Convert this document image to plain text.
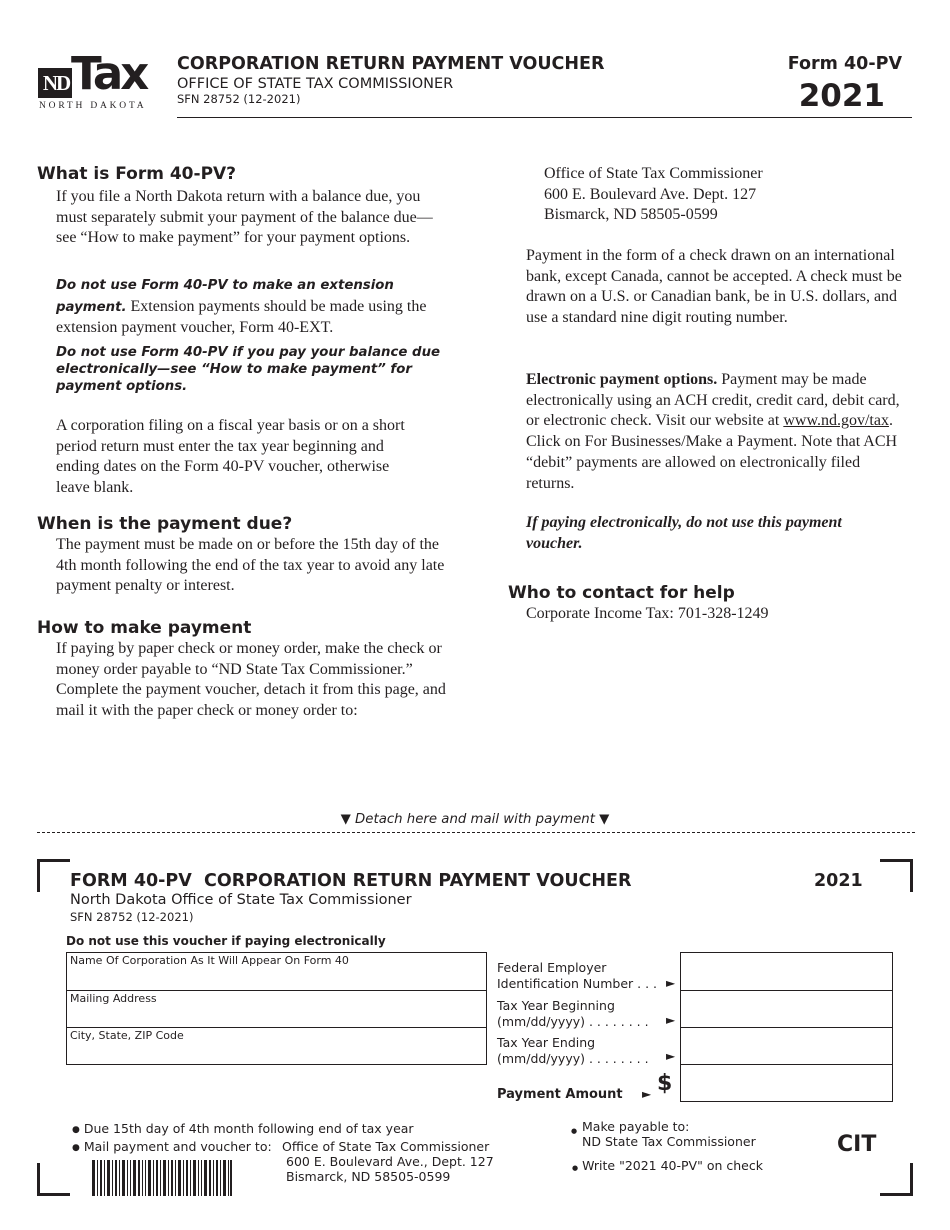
ND Tax
NORTH DAKOTA
CORPORATION RETURN PAYMENT VOUCHER
OFFICE OF STATE TAX COMMISSIONER
SFN 28752 (12-2021)
Form 40-PV
2021
What is Form 40-PV?
If you file a North Dakota return with a balance due, you must separately submit your payment of the balance due—see “How to make payment” for your payment options.
Do not use Form 40-PV to make an extension payment. Extension payments should be made using the extension payment voucher, Form 40-EXT.
Do not use Form 40-PV if you pay your balance due electronically—see “How to make payment” for payment options.
A corporation filing on a fiscal year basis or on a short period return must enter the tax year beginning and ending dates on the Form 40-PV voucher, otherwise leave blank.
When is the payment due?
The payment must be made on or before the 15th day of the 4th month following the end of the tax year to avoid any late payment penalty or interest.
How to make payment
If paying by paper check or money order, make the check or money order payable to “ND State Tax Commissioner.” Complete the payment voucher, detach it from this page, and mail it with the paper check or money order to:
Office of State Tax Commissioner
600 E. Boulevard Ave. Dept. 127
Bismarck, ND 58505-0599
Payment in the form of a check drawn on an international bank, except Canada, cannot be accepted. A check must be drawn on a U.S. or Canadian bank, be in U.S. dollars, and use a standard nine digit routing number.
Electronic payment options. Payment may be made electronically using an ACH credit, credit card, debit card, or electronic check. Visit our website at www.nd.gov/tax. Click on For Businesses/Make a Payment. Note that ACH “debit” payments are allowed on electronically filed returns.
If paying electronically, do not use this payment voucher.
Who to contact for help
Corporate Income Tax: 701-328-1249
▼ Detach here and mail with payment ▼
FORM 40-PV  CORPORATION RETURN PAYMENT VOUCHER	2021
North Dakota Office of State Tax Commissioner
SFN 28752 (12-2021)
Do not use this voucher if paying electronically
Name Of Corporation As It Will Appear On Form 40
Mailing Address
City, State, ZIP Code
Federal Employer
Identification Number . . . ►
Tax Year Beginning
(mm/dd/yyyy) . . . . . . . . ►
Tax Year Ending
(mm/dd/yyyy) . . . . . . . . ►
Payment Amount ► $
● Due 15th day of 4th month following end of tax year
● Mail payment and voucher to: Office of State Tax Commissioner
600 E. Boulevard Ave., Dept. 127
Bismarck, ND 58505-0599
● Make payable to:
ND State Tax Commissioner
● Write "2021 40-PV" on check
CIT
